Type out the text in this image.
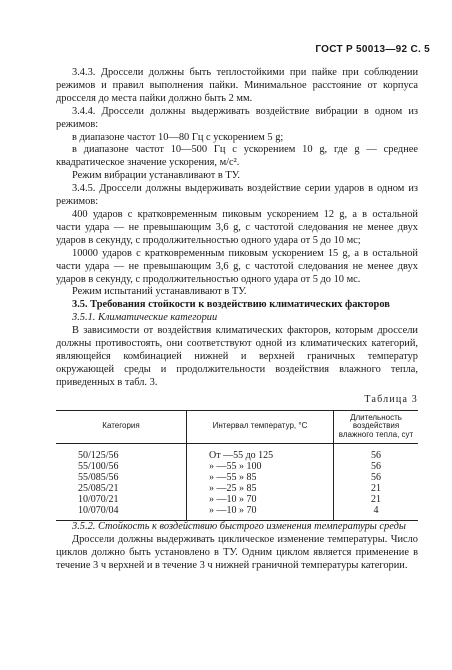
ГОСТ Р 50013—92 С. 5

3.4.3. Дроссели должны быть теплостойкими при пайке при соблюдении режимов и правил выполнения пайки. Минимальное расстояние от корпуса дросселя до места пайки должно быть 2 мм.

3.4.4. Дроссели должны выдерживать воздействие вибрации в одном из режимов:

в диапазоне частот 10—80 Гц с ускорением 5 g;

в диапазоне частот 10—500 Гц с ускорением 10 g, где g — среднее квадратическое значение ускорения, м/с².

Режим вибрации устанавливают в ТУ.

3.4.5. Дроссели должны выдерживать воздействие серии ударов в одном из режимов:

400 ударов с кратковременным пиковым ускорением 12 g, а в остальной части удара — не превышающим 3,6 g, с частотой следования не менее двух ударов в секунду, с продолжительностью одного удара от 5 до 10 мс;

10000 ударов с кратковременным пиковым ускорением 15 g, а в остальной части удара — не превышающим 3,6 g, с частотой следования не менее двух ударов в секунду, с продолжительностью одного удара от 5 до 10 мс.

Режим испытаний устанавливают в ТУ.

3.5. Требования стойкости к воздействию климатических факторов

3.5.1. Климатические категории

В зависимости от воздействия климатических факторов, которым дроссели должны противостоять, они соответствуют одной из климатических категорий, являющейся комбинацией нижней и верхней граничных температур окружающей среды и продолжительности воздействия влажного тепла, приведенных в табл. 3.

Таблица 3
Категория	Интервал температур, °С	Длительность воздействия влажного тепла, сут
50/125/56	От —55 до 125	56
55/100/56	» —55 » 100	56
55/085/56	» —55 » 85	56
25/085/21	» —25 » 85	21
10/070/21	» —10 » 70	21
10/070/04	» —10 » 70	4

3.5.2. Стойкость к воздействию быстрого изменения температуры среды

Дроссели должны выдерживать циклическое изменение температуры. Число циклов должно быть установлено в ТУ. Одним циклом является применение в течение 3 ч верхней и в течение 3 ч нижней граничной температуры категории.
